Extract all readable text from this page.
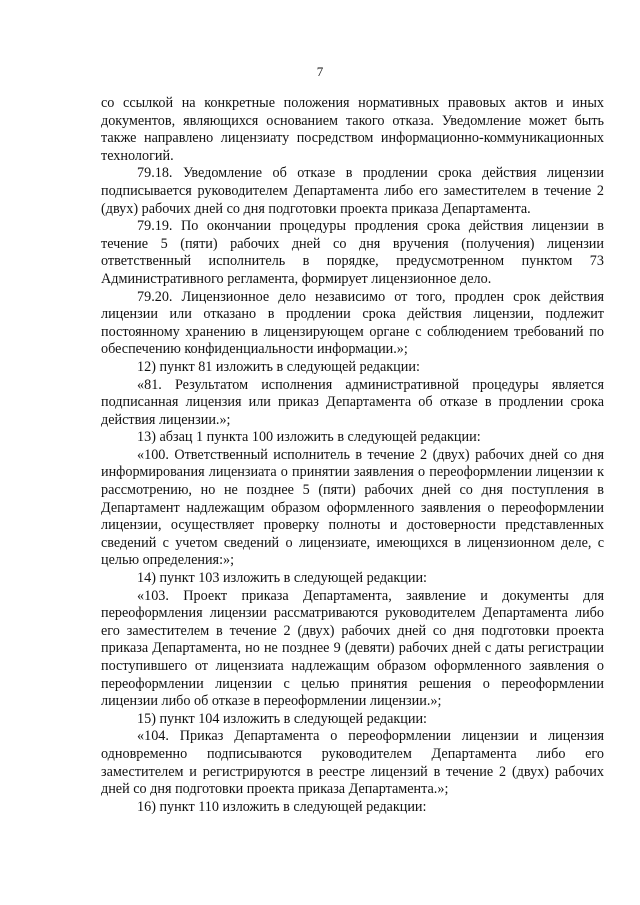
7

со ссылкой на конкретные положения нормативных правовых актов и иных документов, являющихся основанием такого отказа. Уведомление может быть также направлено лицензиату посредством информационно-коммуникационных технологий.

79.18. Уведомление об отказе в продлении срока действия лицензии подписывается руководителем Департамента либо его заместителем в течение 2 (двух) рабочих дней со дня подготовки проекта приказа Департамента.

79.19. По окончании процедуры продления срока действия лицензии в течение 5 (пяти) рабочих дней со дня вручения (получения) лицензии ответственный исполнитель в порядке, предусмотренном пунктом 73 Административного регламента, формирует лицензионное дело.

79.20. Лицензионное дело независимо от того, продлен срок действия лицензии или отказано в продлении срока действия лицензии, подлежит постоянному хранению в лицензирующем органе с соблюдением требований по обеспечению конфиденциальности информации.»;

12) пункт 81 изложить в следующей редакции:

«81. Результатом исполнения административной процедуры является подписанная лицензия или приказ Департамента об отказе в продлении срока действия лицензии.»;

13) абзац 1 пункта 100 изложить в следующей редакции:

«100. Ответственный исполнитель в течение 2 (двух) рабочих дней со дня информирования лицензиата о принятии заявления о переоформлении лицензии к рассмотрению, но не позднее 5 (пяти) рабочих дней со дня поступления в Департамент надлежащим образом оформленного заявления о переоформлении лицензии, осуществляет проверку полноты и достоверности представленных сведений с учетом сведений о лицензиате, имеющихся в лицензионном деле, с целью определения:»;

14) пункт 103 изложить в следующей редакции:

«103. Проект приказа Департамента, заявление и документы для переоформления лицензии рассматриваются руководителем Департамента либо его заместителем в течение 2 (двух) рабочих дней со дня подготовки проекта приказа Департамента, но не позднее 9 (девяти) рабочих дней с даты регистрации поступившего от лицензиата надлежащим образом оформленного заявления о переоформлении лицензии с целью принятия решения о переоформлении лицензии либо об отказе в переоформлении лицензии.»;

15) пункт 104 изложить в следующей редакции:

«104. Приказ Департамента о переоформлении лицензии и лицензия одновременно подписываются руководителем Департамента либо его заместителем и регистрируются в реестре лицензий в течение 2 (двух) рабочих дней со дня подготовки проекта приказа Департамента.»;

16) пункт 110 изложить в следующей редакции:
